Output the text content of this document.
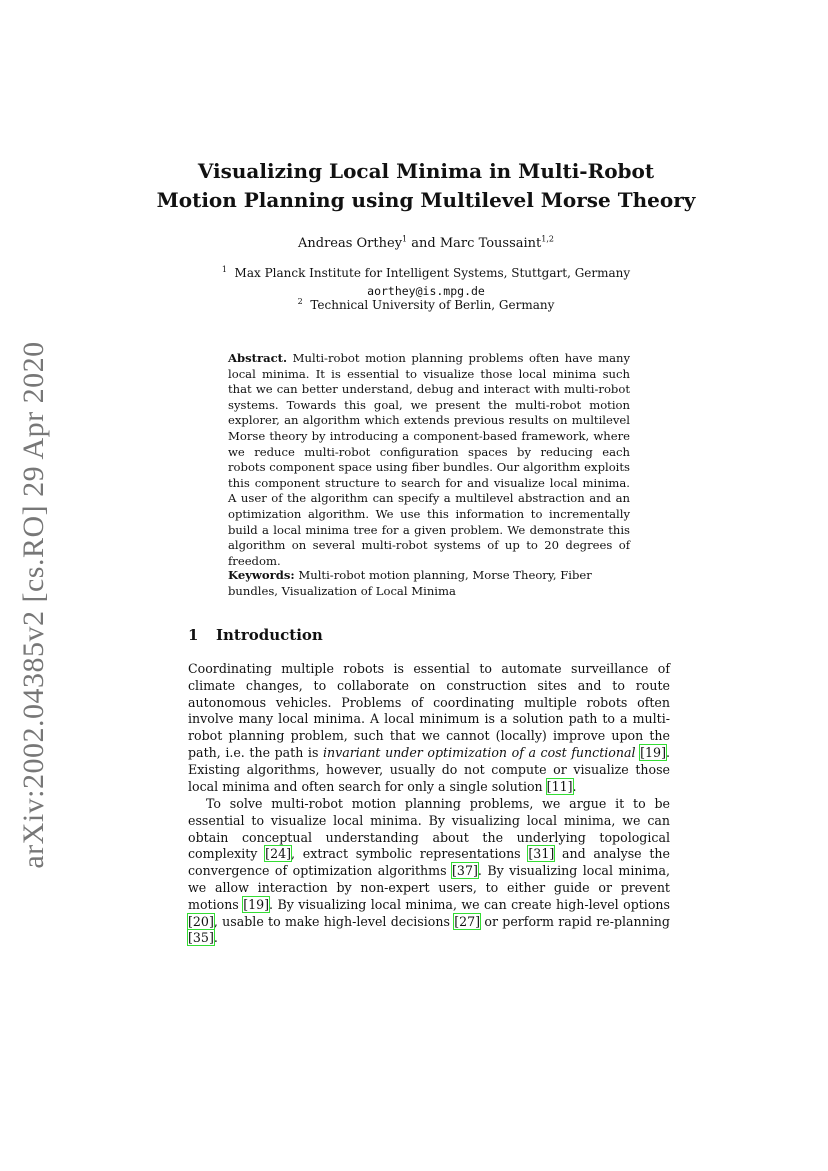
arXiv:2002.04385v2 [cs.RO] 29 Apr 2020
Visualizing Local Minima in Multi-Robot
Motion Planning using Multilevel Morse Theory
Andreas Orthey$^1$ and Marc Toussaint$^{1,2}$
$^1$ Max Planck Institute for Intelligent Systems, Stuttgart, Germany
aorthey@is.mpg.de
$^2$ Technical University of Berlin, Germany
Abstract. Multi-robot motion planning problems often have many local minima. It is essential to visualize those local minima such that we can better understand, debug and interact with multi-robot systems. Towards this goal, we present the multi-robot motion explorer, an algorithm which extends previous results on multilevel Morse theory by introducing a component-based framework, where we reduce multi-robot configuration spaces by reducing each robots component space using fiber bundles. Our algorithm exploits this component structure to search for and visualize local minima. A user of the algorithm can specify a multilevel abstraction and an optimization algorithm. We use this information to incrementally build a local minima tree for a given problem. We demonstrate this algorithm on several multi-robot systems of up to 20 degrees of freedom.
Keywords: Multi-robot motion planning, Morse Theory, Fiber bundles, Visualization of Local Minima
1 Introduction
Coordinating multiple robots is essential to automate surveillance of climate changes, to collaborate on construction sites and to route autonomous vehicles. Problems of coordinating multiple robots often involve many local minima. A local minimum is a solution path to a multi-robot planning problem, such that we cannot (locally) improve upon the path, i.e. the path is invariant under optimization of a cost functional [19]. Existing algorithms, however, usually do not compute or visualize those local minima and often search for only a single solution [11].
To solve multi-robot motion planning problems, we argue it to be essential to visualize local minima. By visualizing local minima, we can obtain conceptual understanding about the underlying topological complexity [24], extract symbolic representations [31] and analyse the convergence of optimization algorithms [37]. By visualizing local minima, we allow interaction by non-expert users, to either guide or prevent motions [19]. By visualizing local minima, we can create high-level options [20], usable to make high-level decisions [27] or perform rapid re-planning [35].
